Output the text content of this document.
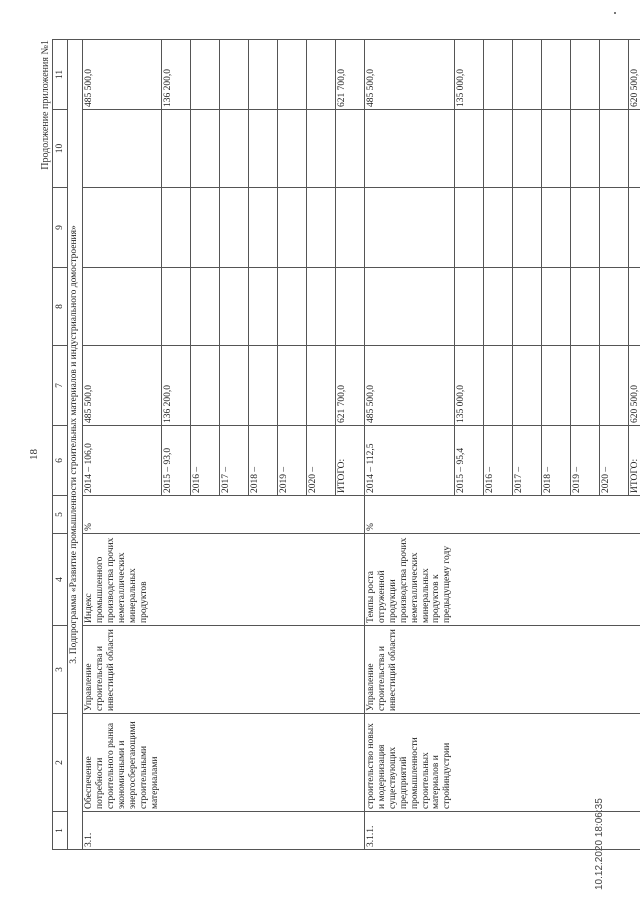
10.12.2020 18:06:35
18
Продолжение приложения №1
1	2	3	4	5	6	7	8	9	10	11
3. Подпрограмма «Развитие промышленности строительных материалов и индустриального домостроения»										
3.1.	Обеспечение потребности строительного рынка экономичными и энергосберегающими строительными материалами	Управление строительства и инвестиций области	Индекс промышленного производства прочих неметаллических минеральных продуктов	%	2014 – 106,0	485 500,0				485 500,0
					2015 – 93,0	136 200,0				136 200,0
					2016 –					
					2017 –					
					2018 –					
					2019 –					
					2020 –					
					ИТОГО:	621 700,0				621 700,0
3.1.1.	строительство новых и модернизация существующих предприятий промышленности строительных материалов и стройиндустрии	Управление строительства и инвестиций области	Темпы роста отгруженной продукции производства прочих неметаллических минеральных продуктов к предыдущему году	%	2014 – 112,5	485 500,0				485 500,0
					2015 – 95,4	135 000,0				135 000,0
					2016 –					
					2017 –					
					2018 –					
					2019 –					
					2020 –					
					ИТОГО:	620 500,0				620 500,0
